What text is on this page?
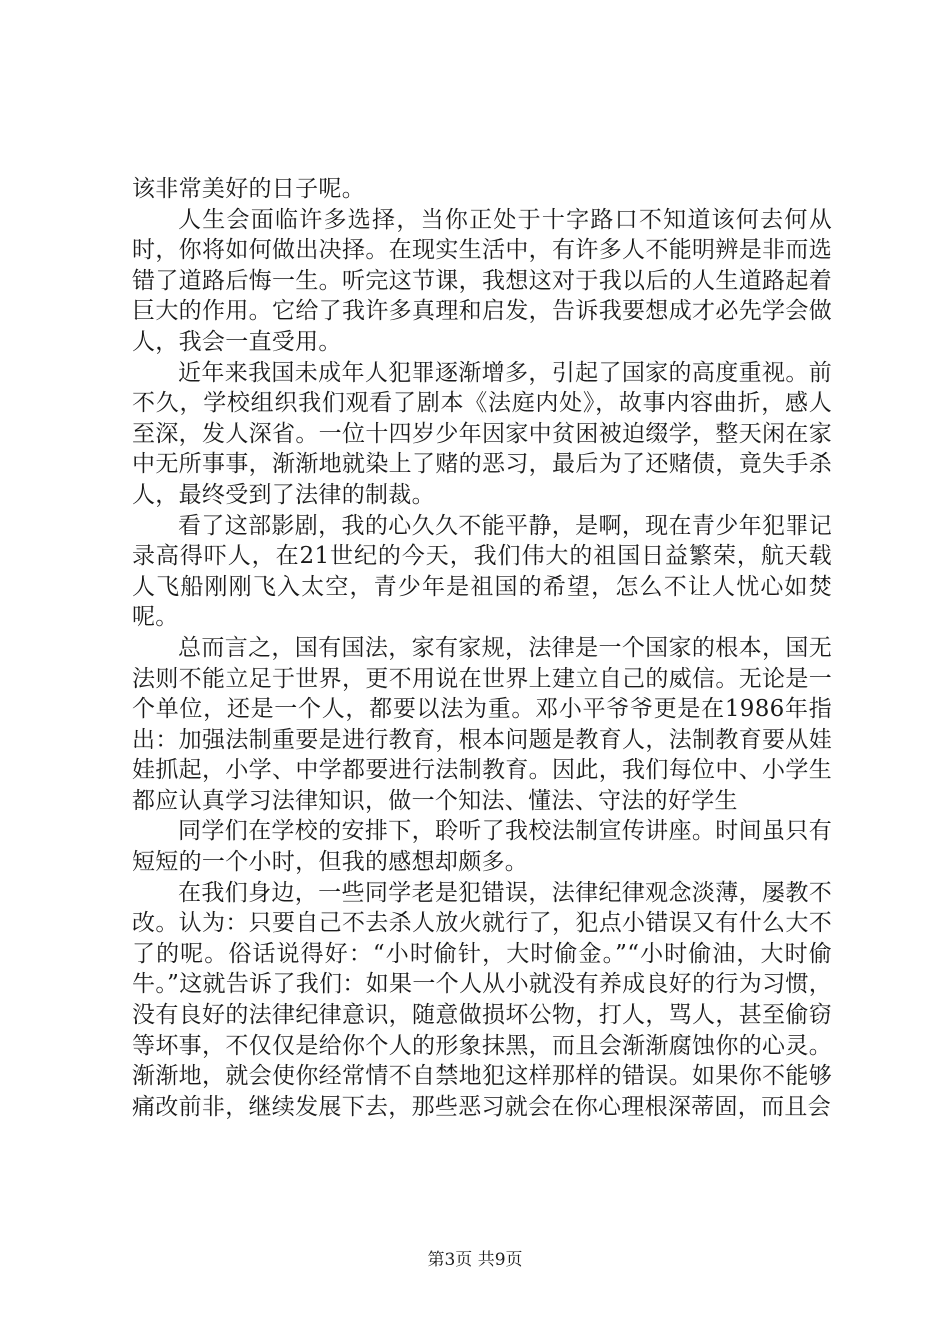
该非常美好的日子呢。

人生会面临许多选择，当你正处于十字路口不知道该何去何从时，你将如何做出决择。在现实生活中，有许多人不能明辨是非而选错了道路后悔一生。听完这节课，我想这对于我以后的人生道路起着巨大的作用。它给了我许多真理和启发，告诉我要想成才必先学会做人，我会一直受用。

近年来我国未成年人犯罪逐渐增多，引起了国家的高度重视。前不久，学校组织我们观看了剧本《法庭内处》，故事内容曲折，感人至深，发人深省。一位十四岁少年因家中贫困被迫缀学，整天闲在家中无所事事，渐渐地就染上了赌的恶习，最后为了还赌债，竟失手杀人，最终受到了法律的制裁。

看了这部影剧，我的心久久不能平静，是啊，现在青少年犯罪记录高得吓人，在21世纪的今天，我们伟大的祖国日益繁荣，航天载人飞船刚刚飞入太空，青少年是祖国的希望，怎么不让人忧心如焚呢。

总而言之，国有国法，家有家规，法律是一个国家的根本，国无法则不能立足于世界，更不用说在世界上建立自己的威信。无论是一个单位，还是一个人，都要以法为重。邓小平爷爷更是在1986年指出：加强法制重要是进行教育，根本问题是教育人，法制教育要从娃娃抓起，小学、中学都要进行法制教育。因此，我们每位中、小学生都应认真学习法律知识，做一个知法、懂法、守法的好学生

同学们在学校的安排下，聆听了我校法制宣传讲座。时间虽只有短短的一个小时，但我的感想却颇多。

在我们身边，一些同学老是犯错误，法律纪律观念淡薄，屡教不改。认为：只要自己不去杀人放火就行了，犯点小错误又有什么大不了的呢。俗话说得好：“小时偷针，大时偷金。”“小时偷油，大时偷牛。”这就告诉了我们：如果一个人从小就没有养成良好的行为习惯，没有良好的法律纪律意识，随意做损坏公物，打人，骂人，甚至偷窃等坏事，不仅仅是给你个人的形象抹黑，而且会渐渐腐蚀你的心灵。渐渐地，就会使你经常情不自禁地犯这样那样的错误。如果你不能够痛改前非，继续发展下去，那些恶习就会在你心理根深蒂固，而且会

第3页 共9页
